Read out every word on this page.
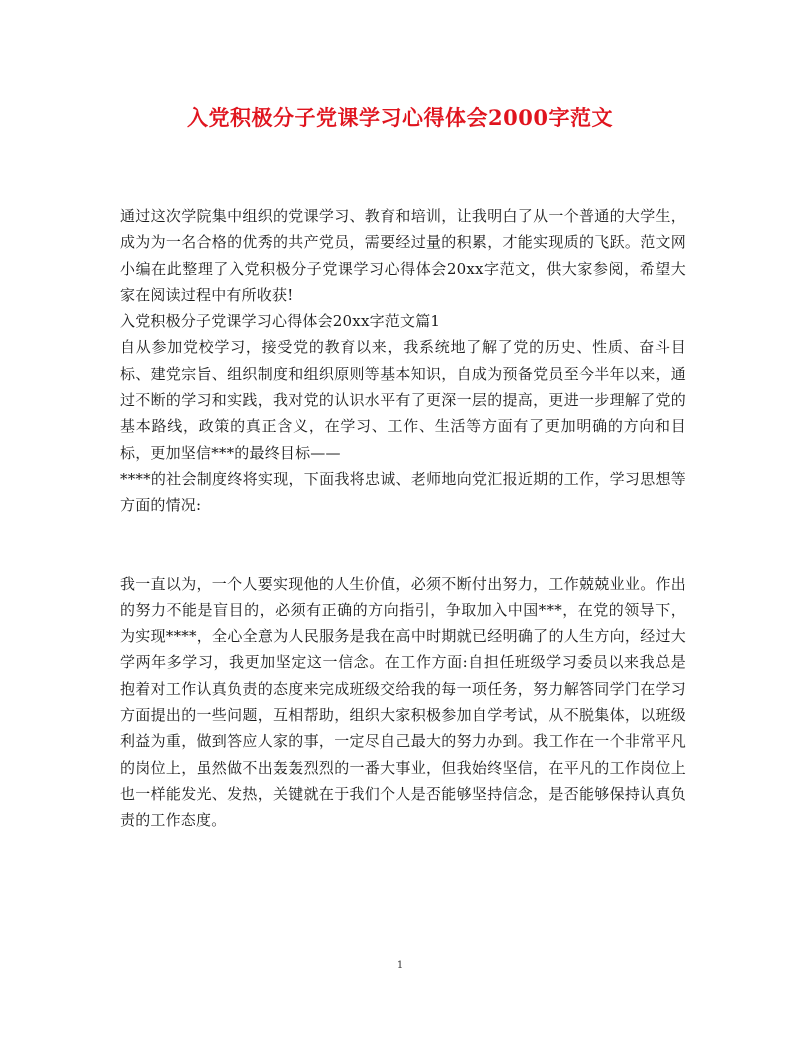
入党积极分子党课学习心得体会2000字范文

通过这次学院集中组织的党课学习、教育和培训，让我明白了从一个普通的大学生，成为为一名合格的优秀的共产党员，需要经过量的积累，才能实现质的飞跃。范文网小编在此整理了入党积极分子党课学习心得体会20xx字范文，供大家参阅，希望大家在阅读过程中有所收获!

入党积极分子党课学习心得体会20xx字范文篇1

自从参加党校学习，接受党的教育以来，我系统地了解了党的历史、性质、奋斗目标、建党宗旨、组织制度和组织原则等基本知识，自成为预备党员至今半年以来，通过不断的学习和实践，我对党的认识水平有了更深一层的提高，更进一步理解了党的基本路线，政策的真正含义，在学习、工作、生活等方面有了更加明确的方向和目标，更加坚信***的最终目标——

****的社会制度终将实现，下面我将忠诚、老师地向党汇报近期的工作，学习思想等方面的情况:

我一直以为，一个人要实现他的人生价值，必须不断付出努力，工作兢兢业业。作出的努力不能是盲目的，必须有正确的方向指引，争取加入中国***，在党的领导下，为实现****，全心全意为人民服务是我在高中时期就已经明确了的人生方向，经过大学两年多学习，我更加坚定这一信念。在工作方面:自担任班级学习委员以来我总是抱着对工作认真负责的态度来完成班级交给我的每一项任务，努力解答同学门在学习方面提出的一些问题，互相帮助，组织大家积极参加自学考试，从不脱集体，以班级利益为重，做到答应人家的事，一定尽自己最大的努力办到。我工作在一个非常平凡的岗位上，虽然做不出轰轰烈烈的一番大事业，但我始终坚信，在平凡的工作岗位上也一样能发光、发热，关键就在于我们个人是否能够坚持信念，是否能够保持认真负责的工作态度。

1
